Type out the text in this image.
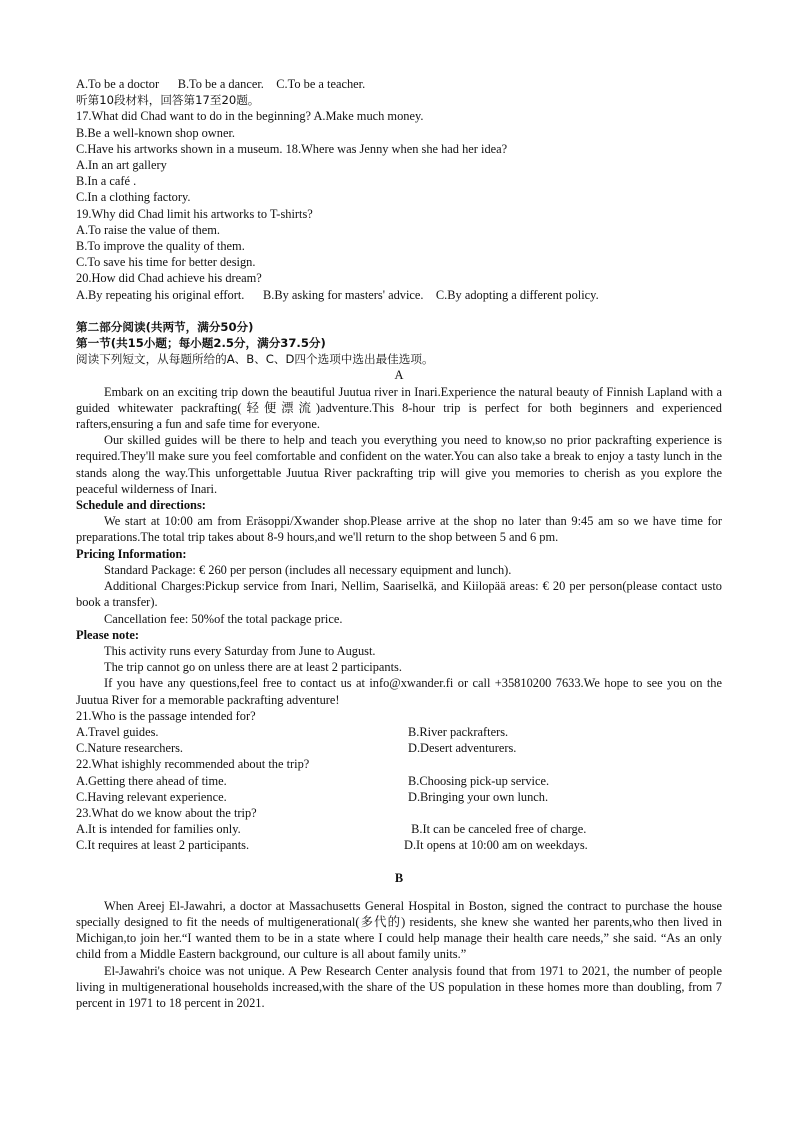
A.To be a doctor B.To be a dancer. C.To be a teacher.
听第10段材料，回答第17至20题。
17.What did Chad want to do in the beginning? A.Make much money.
B.Be a well-known shop owner.
C.Have his artworks shown in a museum. 18.Where was Jenny when she had her idea?
A.In an art gallery
B.In a café .
C.In a clothing factory.
19.Why did Chad limit his artworks to T-shirts?
A.To raise the value of them.
B.To improve the quality of them.
C.To save his time for better design.
20.How did Chad achieve his dream?
A.By repeating his original effort. B.By asking for masters' advice. C.By adopting a different policy.
第二部分阅读(共两节，满分50分)
第一节(共15小题；每小题2.5分，满分37.5分)
阅读下列短文，从每题所给的A、B、C、D四个选项中选出最佳选项。
A

Embark on an exciting trip down the beautiful Juutua river in Inari.Experience the natural beauty of Finnish Lapland with a guided whitewater packrafting(轻便漂流)adventure.This 8-hour trip is perfect for both beginners and experienced rafters,ensuring a fun and safe time for everyone.

Our skilled guides will be there to help and teach you everything you need to know,so no prior packrafting experience is required.They'll make sure you feel comfortable and confident on the water.You can also take a break to enjoy a tasty lunch in the stands along the way.This unforgettable Juutua River packrafting trip will give you memories to cherish as you explore the peaceful wilderness of Inari.

Schedule and directions:

We start at 10:00 am from Eräsoppi/Xwander shop.Please arrive at the shop no later than 9:45 am so we have time for preparations.The total trip takes about 8-9 hours,and we'll return to the shop between 5 and 6 pm.

Pricing Information:

Standard Package: € 260 per person (includes all necessary equipment and lunch).

Additional Charges:Pickup service from Inari, Nellim, Saariselkä, and Kiilopää areas: € 20 per person(please contact usto book a transfer).

Cancellation fee: 50%of the total package price.

Please note:

This activity runs every Saturday from June to August.

The trip cannot go on unless there are at least 2 participants.

If you have any questions,feel free to contact us at info@xwander.fi or call +35810200 7633.We hope to see you on the Juutua River for a memorable packrafting adventure!

21.Who is the passage intended for?
A.Travel guides.	B.River packrafters.
C.Nature researchers.	D.Desert adventurers.
22.What ishighly recommended about the trip?
A.Getting there ahead of time.	B.Choosing pick-up service.
C.Having relevant experience.	D.Bringing your own lunch.
23.What do we know about the trip?
A.It is intended for families only.	B.It can be canceled free of charge.
C.It requires at least 2 participants.	D.It opens at 10:00 am on weekdays.
B

When Areej El-Jawahri, a doctor at Massachusetts General Hospital in Boston, signed the contract to purchase the house specially designed to fit the needs of multigenerational(多代的) residents, she knew she wanted her parents,who then lived in Michigan,to join her.“I wanted them to be in a state where I could help manage their health care needs,” she said. “As an only child from a Middle Eastern background, our culture is all about family units.”

El-Jawahri's choice was not unique. A Pew Research Center analysis found that from 1971 to 2021, the number of people living in multigenerational households increased,with the share of the US population in these homes more than doubling, from 7 percent in 1971 to 18 percent in 2021.
